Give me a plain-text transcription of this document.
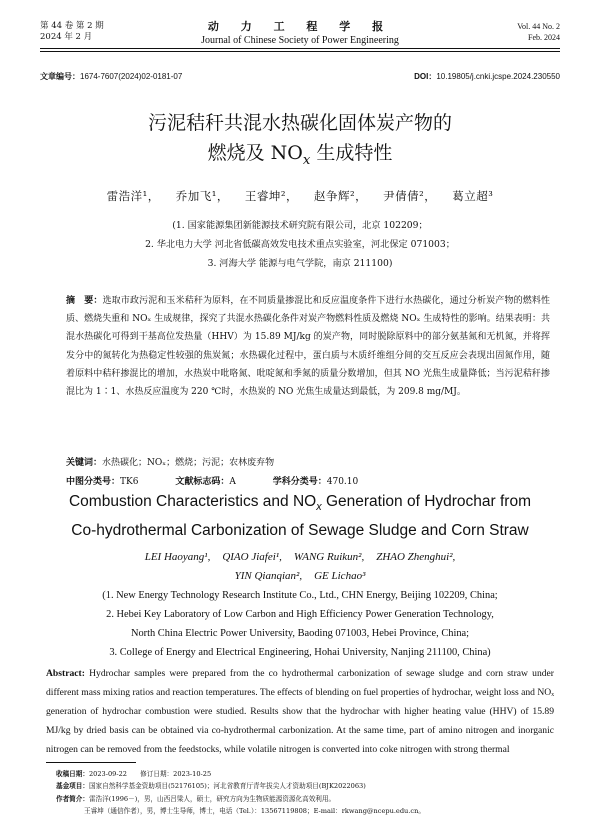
第 44 卷 第 2 期
2024 年 2 月
动 力 工 程 学 报
Journal of Chinese Society of Power Engineering
Vol. 44 No. 2
Feb. 2024
文章编号：1674-7607(2024)02-0181-07	DOI：10.19805/j.cnki.jcspe.2024.230550
污泥秸秆共混水热碳化固体炭产物的
燃烧及 $NO_x$ 生成特性
雷浩洋¹， 乔加飞¹， 王睿坤²， 赵争辉²， 尹倩倩²， 葛立超³
(1. 国家能源集团新能源技术研究院有限公司，北京 102209；
2. 华北电力大学 河北省低碳高效发电技术重点实验室，河北保定 071003；
3. 河海大学 能源与电气学院，南京 211100)
摘　要：选取市政污泥和玉米秸秆为原料，在不同质量掺混比和反应温度条件下进行水热碳化，通过分析炭产物的燃料性质、燃烧失重和 NOₓ 生成规律，探究了共混水热碳化条件对炭产物燃料性质及燃烧 NOₓ 生成特性的影响。结果表明：共混水热碳化可得到干基高位发热量（HHV）为 15.89 MJ/kg 的炭产物，同时脱除原料中的部分氨基氮和无机氮，并将挥发分中的氮转化为热稳定性较强的焦炭氮；水热碳化过程中，蛋白质与木质纤维组分间的交互反应会表现出固氮作用，随着原料中秸秆掺混比的增加，水热炭中吡咯氮、吡啶氮和季氮的质量分数增加，但其 NO 光焦生成量降低；当污泥秸秆掺混比为 1∶1、水热反应温度为 220 ℃时，水热炭的 NO 光焦生成量达到最低，为 209.8 mg/MJ。
关键词：水热碳化；NOₓ；燃烧；污泥；农林废弃物
中图分类号：TK6	文献标志码：A	学科分类号：470.10
Combustion Characteristics and $NO_x$ Generation of Hydrochar from
Co-hydrothermal Carbonization of Sewage Sludge and Corn Straw
LEI Haoyang¹, QIAO Jiafei¹, WANG Ruikun², ZHAO Zhenghui²,
YIN Qianqian², GE Lichao³
(1. New Energy Technology Research Institute Co., Ltd., CHN Energy, Beijing 102209, China;
2. Hebei Key Laboratory of Low Carbon and High Efficiency Power Generation Technology,
North China Electric Power University, Baoding 071003, Hebei Province, China;
3. College of Energy and Electrical Engineering, Hohai University, Nanjing 211100, China)
Abstract: Hydrochar samples were prepared from the co hydrothermal carbonization of sewage sludge and corn straw under different mass mixing ratios and reaction temperatures. The effects of blending on fuel properties of hydrochar, weight loss and NOₓ generation of hydrochar combustion were studied. Results show that the hydrochar with higher heating value (HHV) of 15.89 MJ/kg by dried basis can be obtained via co-hydrothermal carbonization. At the same time, part of amino nitrogen and inorganic nitrogen can be removed from the feedstocks, while volatile nitrogen is converted into coke nitrogen with strong thermal
收稿日期：2023-09-22　　修订日期：2023-10-25
基金项目：国家自然科学基金资助项目(52176105)；河北省教育厅青年拔尖人才资助项目(BJK2022063)
作者简介：雷浩洋(1996－)，男，山西吕梁人，硕士，研究方向为生物质能源资源化高效利用。
王睿坤（通信作者），男，博士生导师，博士，电话（Tel.）：13567119808；E-mail：rkwang@ncepu.edu.cn。
